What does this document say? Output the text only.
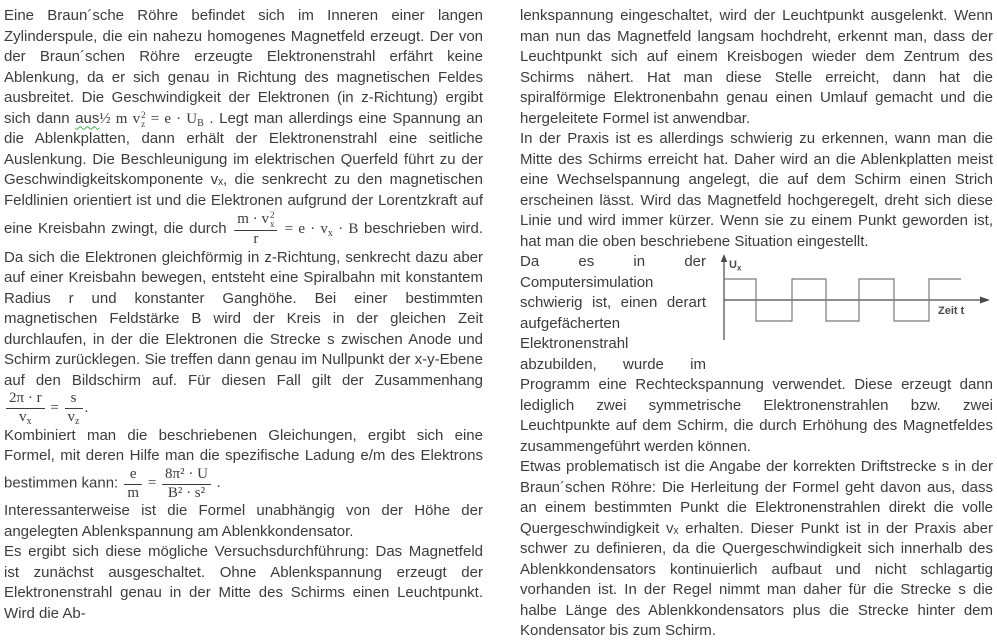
Eine Braun´sche Röhre befindet sich im Inneren einer langen Zylinderspule, die ein nahezu homogenes Magnetfeld erzeugt. Der von der Braun´schen Röhre erzeugte Elektronenstrahl erfährt keine Ablenkung, da er sich genau in Richtung des magnetischen Feldes ausbreitet. Die Geschwindigkeit der Elektronen (in z-Richtung) ergibt sich dann aus½ m v 2
$z = e \cdot U_B$ . Legt man allerdings eine Spannung an die Ablenkplatten, dann erhält der Elektronenstrahl eine seitliche Auslenkung. Die Beschleunigung im elektrischen Querfeld führt zu der Geschwindigkeitskomponente vₓ, die senkrecht zu den magnetischen Feldlinien orientiert ist und die Elektronen aufgrund der Lorentzkraft auf eine Kreisbahn zwingt, die durch m · v 2
x
$r = e \cdot v_x \cdot B$ beschrieben wird. Da sich die Elektronen gleichförmig in z-Richtung, senkrecht dazu aber auf einer Kreisbahn bewegen, entsteht eine Spiralbahn mit konstantem Radius r und konstanter Ganghöhe. Bei einer bestimmten magnetischen Feldstärke B wird der Kreis in der gleichen Zeit durchlaufen, in der die Elektronen die Strecke s zwischen Anode und Schirm zurücklegen. Sie treffen dann genau im Nullpunkt der x-y-Ebene auf den Bildschirm auf. Für diesen Fall gilt der Zusammenhang
$\frac{2\pi \cdot r}{v_x} = \frac{s}{v_z}$ .

Kombiniert man die beschriebenen Gleichungen, ergibt sich eine Formel, mit deren Hilfe man die spezifische Ladung e/m des Elektrons bestimmen kann: $\frac{e}{m} = \frac{\text{8π² · U}}{\text{B² · s²}}$ .

Interessanterweise ist die Formel unabhängig von der Höhe der angelegten Ablenkspannung am Ablenkkondensator.

Es ergibt sich diese mögliche Versuchsdurchführung: Das Magnetfeld ist zunächst ausgeschaltet. Ohne Ablenkspannung erzeugt der Elektronenstrahl genau in der Mitte des Schirms einen Leuchtpunkt. Wird die Ab-

lenkspannung eingeschaltet, wird der Leuchtpunkt ausgelenkt. Wenn man nun das Magnetfeld langsam hochdreht, erkennt man, dass der Leuchtpunkt sich auf einem Kreisbogen wieder dem Zentrum des Schirms nähert. Hat man diese Stelle erreicht, dann hat die spiralförmige Elektronenbahn genau einen Umlauf gemacht und die hergeleitete Formel ist anwendbar.

In der Praxis ist es allerdings schwierig zu erkennen, wann man die Mitte des Schirms erreicht hat. Daher wird an die Ablenkplatten meist eine Wechselspannung angelegt, die auf dem Schirm einen Strich erscheinen lässt. Wird das Magnetfeld hochgeregelt, dreht sich diese Linie und wird immer kürzer. Wenn sie zu einem Punkt geworden ist, hat man die oben beschriebene Situation eingestellt.

$U_x$
Zeit t
Da es in der Computersimulation schwierig ist, einen derart aufgefächerten Elektronenstrahl abzubilden, wurde im Programm eine Rechteckspannung verwendet. Diese erzeugt dann lediglich zwei symmetrische Elektronenstrahlen bzw. zwei Leuchtpunkte auf dem Schirm, die durch Erhöhung des Magnetfeldes zusammengeführt werden können.

Etwas problematisch ist die Angabe der korrekten Driftstrecke s in der Braun´schen Röhre: Die Herleitung der Formel geht davon aus, dass an einem bestimmten Punkt die Elektronenstrahlen direkt die volle Quergeschwindigkeit vₓ erhalten. Dieser Punkt ist in der Praxis aber schwer zu definieren, da die Quergeschwindigkeit sich innerhalb des Ablenkkondensators kontinuierlich aufbaut und nicht schlagartig vorhanden ist. In der Regel nimmt man daher für die Strecke s die halbe Länge des Ablenkkondensators plus die Strecke hinter dem Kondensator bis zum Schirm.
